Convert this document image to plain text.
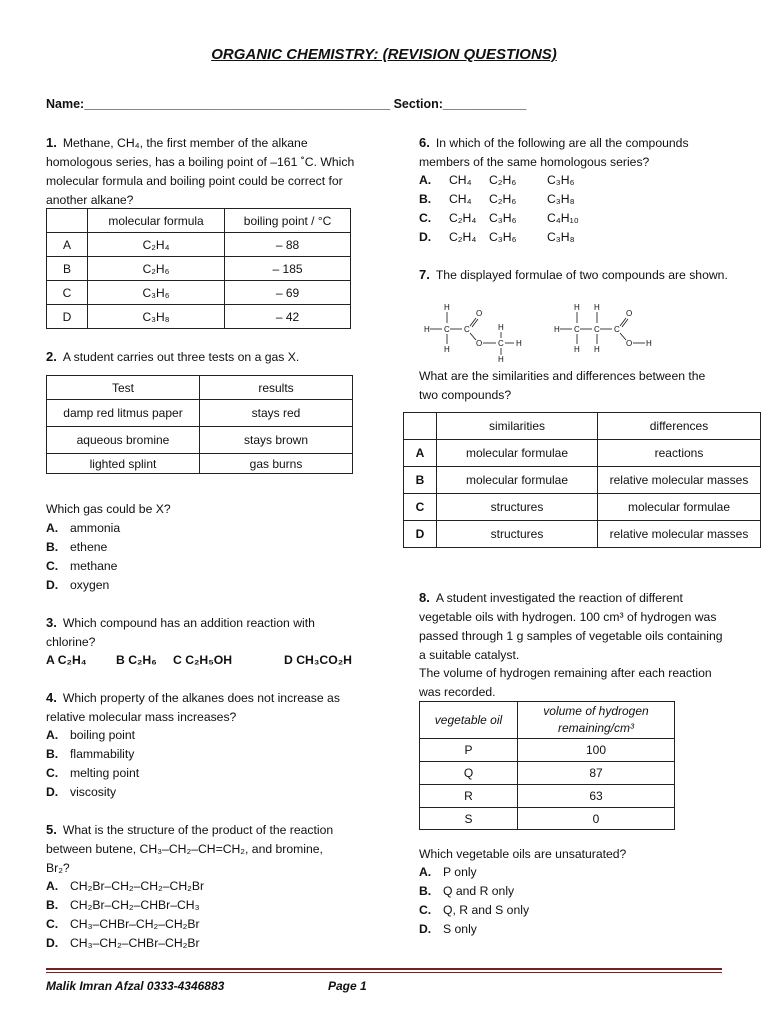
ORGANIC CHEMISTRY: (REVISION QUESTIONS)
Name:____________________________________________ Section:____________
1. Methane, CH₄, the first member of the alkane homologous series, has a boiling point of –161 ˚C. Which molecular formula and boiling point could be correct for another alkane?
	molecular formula	boiling point / °C
A	C₂H₄	– 88
B	C₂H₆	– 185
C	C₃H₆	– 69
D	C₃H₈	– 42
2. A student carries out three tests on a gas X.
Test	results
damp red litmus paper	stays red
aqueous bromine	stays brown
lighted splint	gas burns
Which gas could be X?
A. ammonia
B. ethene
C. methane
D. oxygen
3. Which compound has an addition reaction with chlorine?
A C₂H₄ B C₂H₆ C C₂H₅OH	D CH₃CO₂H
4. Which property of the alkanes does not increase as relative molecular mass increases?
A. boiling point
B. flammability
C. melting point
D. viscosity
5. What is the structure of the product of the reaction between butene, CH₃–CH₂–CH=CH₂, and bromine, Br₂?
A. CH₂Br–CH₂–CH₂–CH₂Br
B. CH₂Br–CH₂–CHBr–CH₃
C. CH₃–CHBr–CH₂–CH₂Br
D. CH₃–CH₂–CHBr–CH₂Br
6. In which of the following are all the compounds members of the same homologous series?
A. CH₄ C₂H₆	C₃H₆
B. CH₄ C₂H₆	C₃H₈
C. C₂H₄ C₃H₆	C₄H₁₀
D. C₂H₄ C₃H₆	C₃H₈
7. The displayed formulae of two compounds are shown.
H
H C
H
C
O
O
H
C
H
H
H H
H C C C
H H
O
O H
What are the similarities and differences between the two compounds?
	similarities	differences
A	molecular formulae	reactions
B	molecular formulae	relative molecular masses
C	structures	molecular formulae
D	structures	relative molecular masses
8. A student investigated the reaction of different vegetable oils with hydrogen. 100 cm³ of hydrogen was passed through 1 g samples of vegetable oils containing a suitable catalyst.
The volume of hydrogen remaining after each reaction was recorded.
vegetable oil	volume of hydrogen remaining/cm³
P	100
Q	87
R	63
S	0
Which vegetable oils are unsaturated?
A. P only
B. Q and R only
C. Q, R and S only
D. S only
Malik Imran Afzal 0333-4346883	Page 1
